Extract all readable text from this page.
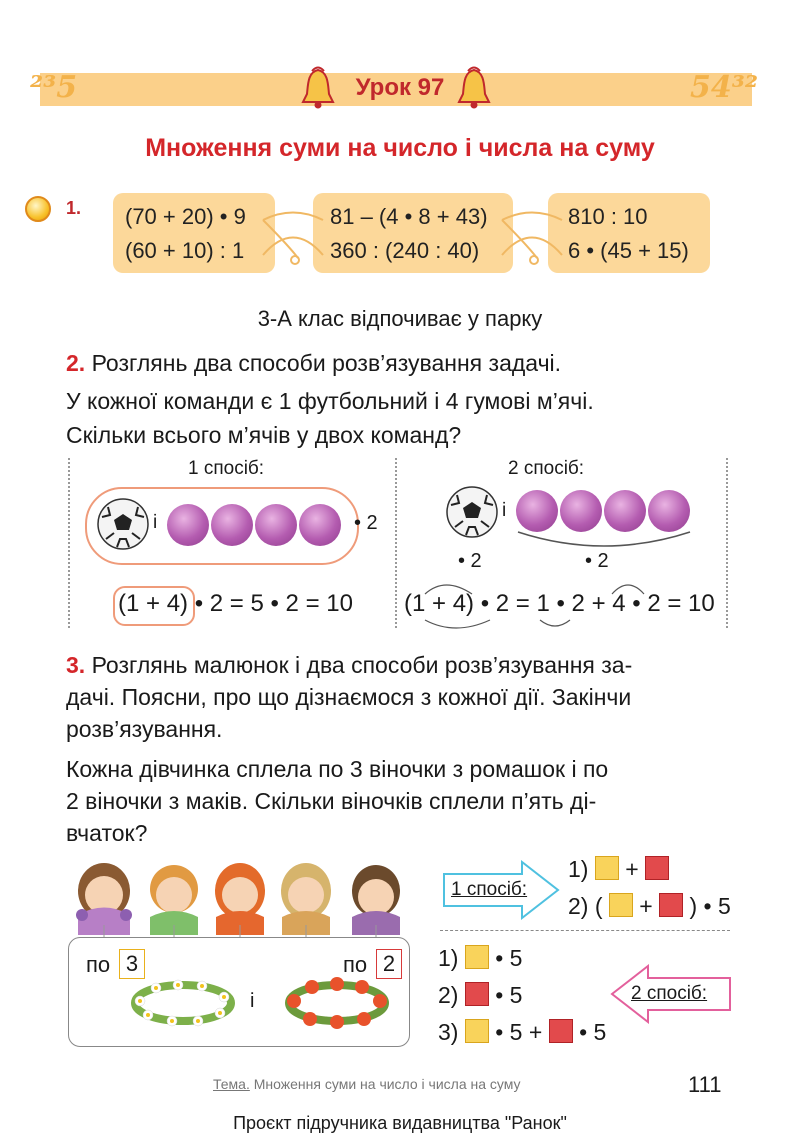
²³5	54³²
Урок 97
Множення суми на число і числа на суму
1. (70 + 20) • 9
(60 + 10) : 1
81 – (4 • 8 + 43)
360 : (240 : 40)
810 : 10
6 • (45 + 15)
3-А клас відпочиває у парку
2. Розглянь два способи розв’язування задачі.
У кожної команди є 1 футбольний і 4 гумові м’ячі.
Скільки всього м’ячів у двох команд?
1 спосіб:	2 спосіб:
і	• 2
(1 + 4) • 2 = 5 • 2 = 10
і
• 2	• 2
(1 + 4) • 2 = 1 • 2 + 4 • 2 = 10
3. Розглянь малюнок і два способи розв’язування за-
дачі. Поясни, про що дізнаємося з кожної дії. Закінчи
розв’язування.
Кожна дівчинка сплела по 3 віночки з ромашок і по
2 віночки з маків. Скільки віночків сплели п’ять ді-
вчаток?
по 3	по 2
і
1 спосіб:
1) +
2) ( + ) • 5
1) • 5
2) • 5
3) • 5 + • 5
2 спосіб:
Тема. Множення суми на число і числа на суму	111
Проєкт підручника видавництва "Ранок"
